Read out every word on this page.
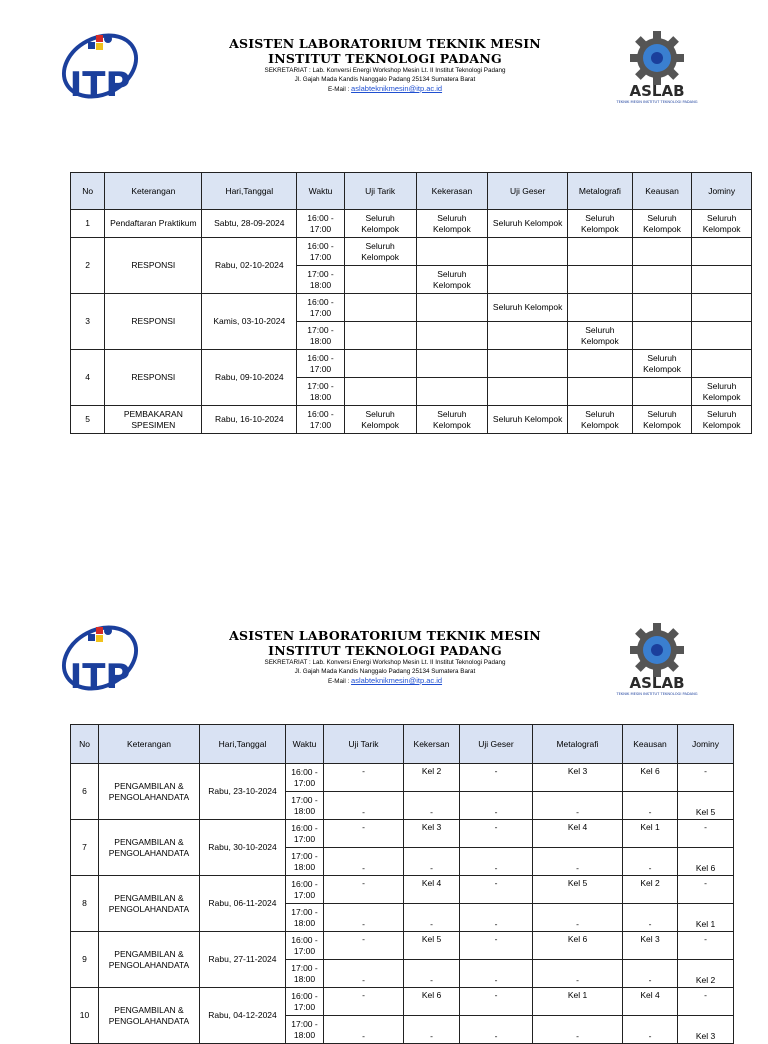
ITP
ASISTEN LABORATORIUM TEKNIK MESIN
INSTITUT TEKNOLOGI PADANG
SEKRETARIAT : Lab. Konversi Energi Workshop Mesin Lt. II Institut Teknologi Padang
Jl. Gajah Mada Kandis Nanggalo Padang 25134 Sumatera Barat
E-Mail : aslabteknikmesin@itp.ac.id	ASLAB
TEKNIK MESIN INSTITUT TEKNOLOGI PADANG
No	Keterangan	Hari,Tanggal	Waktu	Uji Tarik	Kekerasan	Uji Geser	Metalografi	Keausan	Jominy
1	Pendaftaran Praktikum	Sabtu, 28-09-2024	16:00 - 17:00	Seluruh Kelompok	Seluruh Kelompok	Seluruh Kelompok	Seluruh Kelompok	Seluruh Kelompok	Seluruh Kelompok
2	RESPONSI	Rabu, 02-10-2024	16:00 - 17:00	Seluruh Kelompok					
			17:00 - 18:00		Seluruh Kelompok				
3	RESPONSI	Kamis, 03-10-2024	16:00 - 17:00			Seluruh Kelompok			
			17:00 - 18:00				Seluruh Kelompok		
4	RESPONSI	Rabu, 09-10-2024	16:00 - 17:00					Seluruh Kelompok	
			17:00 - 18:00						Seluruh Kelompok
5	PEMBAKARAN SPESIMEN	Rabu, 16-10-2024	16:00 - 17:00	Seluruh Kelompok	Seluruh Kelompok	Seluruh Kelompok	Seluruh Kelompok	Seluruh Kelompok	Seluruh Kelompok
ITP
ASISTEN LABORATORIUM TEKNIK MESIN
INSTITUT TEKNOLOGI PADANG
SEKRETARIAT : Lab. Konversi Energi Workshop Mesin Lt. II Institut Teknologi Padang
Jl. Gajah Mada Kandis Nanggalo Padang 25134 Sumatera Barat
E-Mail : aslabteknikmesin@itp.ac.id	ASLAB
TEKNIK MESIN INSTITUT TEKNOLOGI PADANG
No	Keterangan	Hari,Tanggal	Waktu	Uji Tarik	Kekersan	Uji Geser	Metalografi	Keausan	Jominy
6	PENGAMBILAN & PENGOLAHANDATA	Rabu, 23-10-2024	16:00 - 17:00	-	Kel 2	-	Kel 3	Kel 6	-
			17:00 - 18:00	-	-	-	-	-	Kel 5
7	PENGAMBILAN & PENGOLAHANDATA	Rabu, 30-10-2024	16:00 - 17:00	-	Kel 3	-	Kel 4	Kel 1	-
			17:00 - 18:00	-	-	-	-	-	Kel 6
8	PENGAMBILAN & PENGOLAHANDATA	Rabu, 06-11-2024	16:00 - 17:00	-	Kel 4	-	Kel 5	Kel 2	-
			17:00 - 18:00	-	-	-	-	-	Kel 1
9	PENGAMBILAN & PENGOLAHANDATA	Rabu, 27-11-2024	16:00 - 17:00	-	Kel 5	-	Kel 6	Kel 3	-
			17:00 - 18:00	-	-	-	-	-	Kel 2
10	PENGAMBILAN & PENGOLAHANDATA	Rabu, 04-12-2024	16:00 - 17:00	-	Kel 6	-	Kel 1	Kel 4	-
			17:00 - 18:00	-	-	-	-	-	Kel 3
